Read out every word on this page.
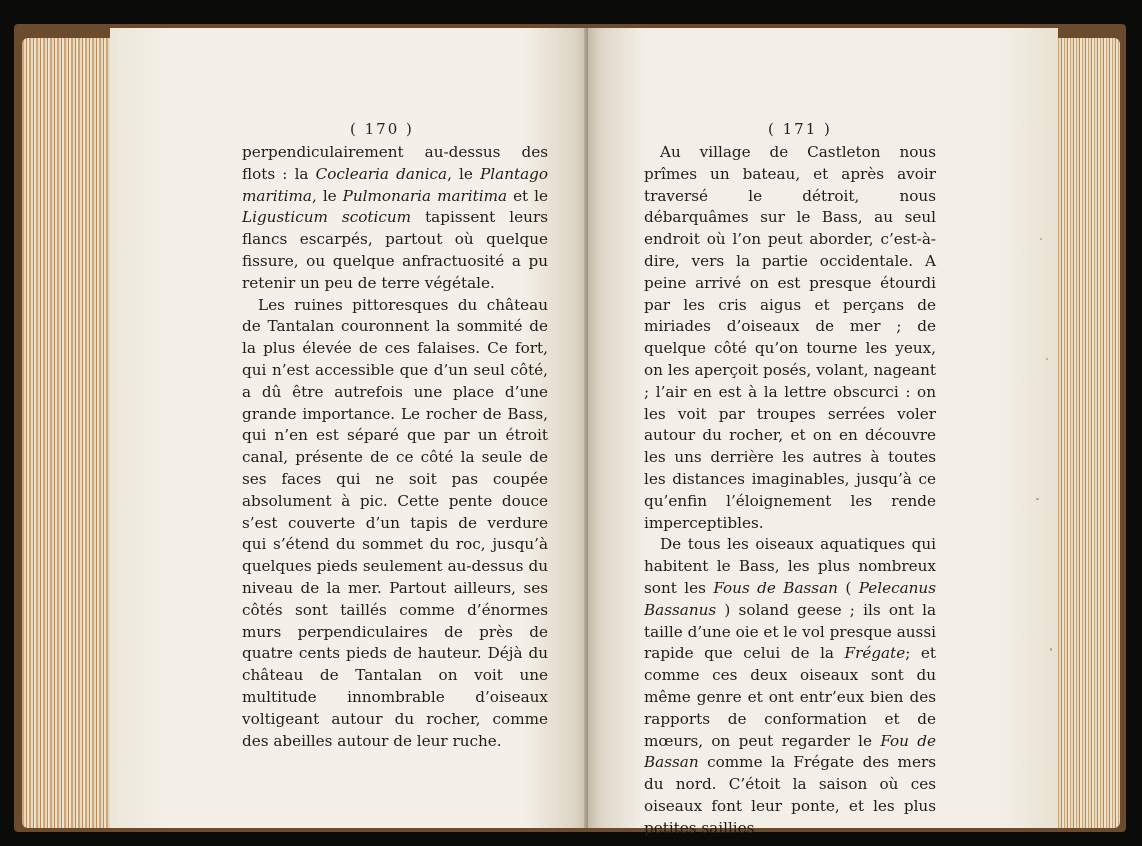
( 170 )

perpendiculairement au-dessus des flots : la Coclearia danica, le Plantago maritima, le Pulmonaria maritima et le Ligusticum scoticum tapissent leurs flancs escarpés, partout où quelque fissure, ou quelque anfractuosité a pu retenir un peu de terre végétale.

Les ruines pittoresques du château de Tantalan couronnent la sommité de la plus élevée de ces falaises. Ce fort, qui n’est accessible que d’un seul côté, a dû être autrefois une place d’une grande importance. Le rocher de Bass, qui n’en est séparé que par un étroit canal, présente de ce côté la seule de ses faces qui ne soit pas coupée absolument à pic. Cette pente douce s’est couverte d’un tapis de verdure qui s’étend du sommet du roc, jusqu’à quelques pieds seulement au-dessus du niveau de la mer. Partout ailleurs, ses côtés sont taillés comme d’énormes murs perpendiculaires de près de quatre cents pieds de hauteur. Déjà du château de Tantalan on voit une multitude innombrable d’oiseaux voltigeant autour du rocher, comme des abeilles autour de leur ruche.

( 171 )

Au village de Castleton nous prîmes un bateau, et après avoir traversé le détroit, nous débarquâmes sur le Bass, au seul endroit où l’on peut aborder, c’est-à-dire, vers la partie occidentale. A peine arrivé on est presque étourdi par les cris aigus et perçans de miriades d’oiseaux de mer ; de quelque côté qu’on tourne les yeux, on les aperçoit posés, volant, nageant ; l’air en est à la lettre obscurci : on les voit par troupes serrées voler autour du rocher, et on en découvre les uns derrière les autres à toutes les distances imaginables, jusqu’à ce qu’enfin l’éloignement les rende imperceptibles.

De tous les oiseaux aquatiques qui habitent le Bass, les plus nombreux sont les Fous de Bassan ( Pelecanus Bassanus ) soland geese ; ils ont la taille d’une oie et le vol presque aussi rapide que celui de la Frégate; et comme ces deux oiseaux sont du même genre et ont entr’eux bien des rapports de conformation et de mœurs, on peut regarder le Fou de Bassan comme la Frégate des mers du nord. C’étoit la saison où ces oiseaux font leur ponte, et les plus petites saillies
